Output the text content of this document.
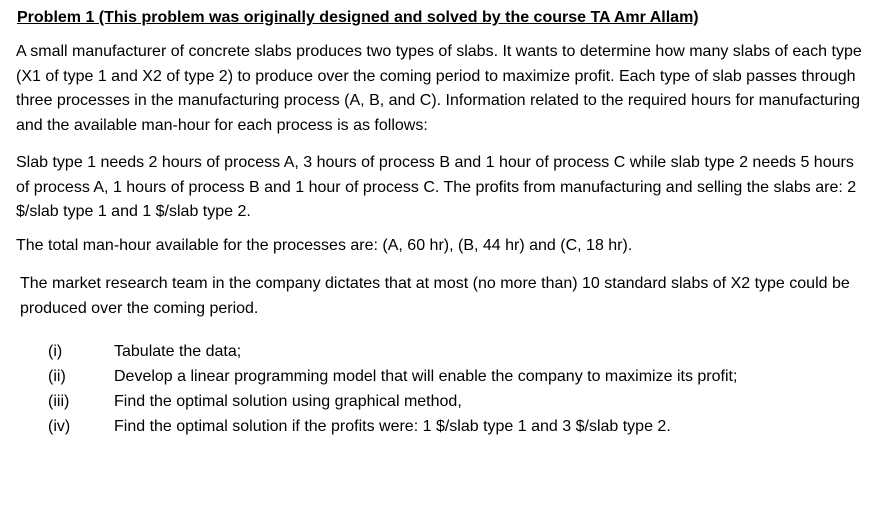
Problem 1 (This problem was originally designed and solved by the course TA Amr Allam)

A small manufacturer of concrete slabs produces two types of slabs. It wants to determine how many slabs of each type (X1 of type 1 and X2 of type 2) to produce over the coming period to maximize profit. Each type of slab passes through three processes in the manufacturing process (A, B, and C). Information related to the required hours for manufacturing and the available man-hour for each process is as follows:

Slab type 1 needs 2 hours of process A, 3 hours of process B and 1 hour of process C while slab type 2 needs 5 hours of process A, 1 hours of process B and 1 hour of process C. The profits from manufacturing and selling the slabs are: 2 $/slab type 1 and 1 $/slab type 2.

The total man-hour available for the processes are: (A, 60 hr), (B, 44 hr) and (C, 18 hr).

The market research team in the company dictates that at most (no more than) 10 standard slabs of X2 type could be produced over the coming period.

(i)	Tabulate the data;
(ii)	Develop a linear programming model that will enable the company to maximize its profit;
(iii)	Find the optimal solution using graphical method,
(iv)	Find the optimal solution if the profits were: 1 $/slab type 1 and 3 $/slab type 2.
